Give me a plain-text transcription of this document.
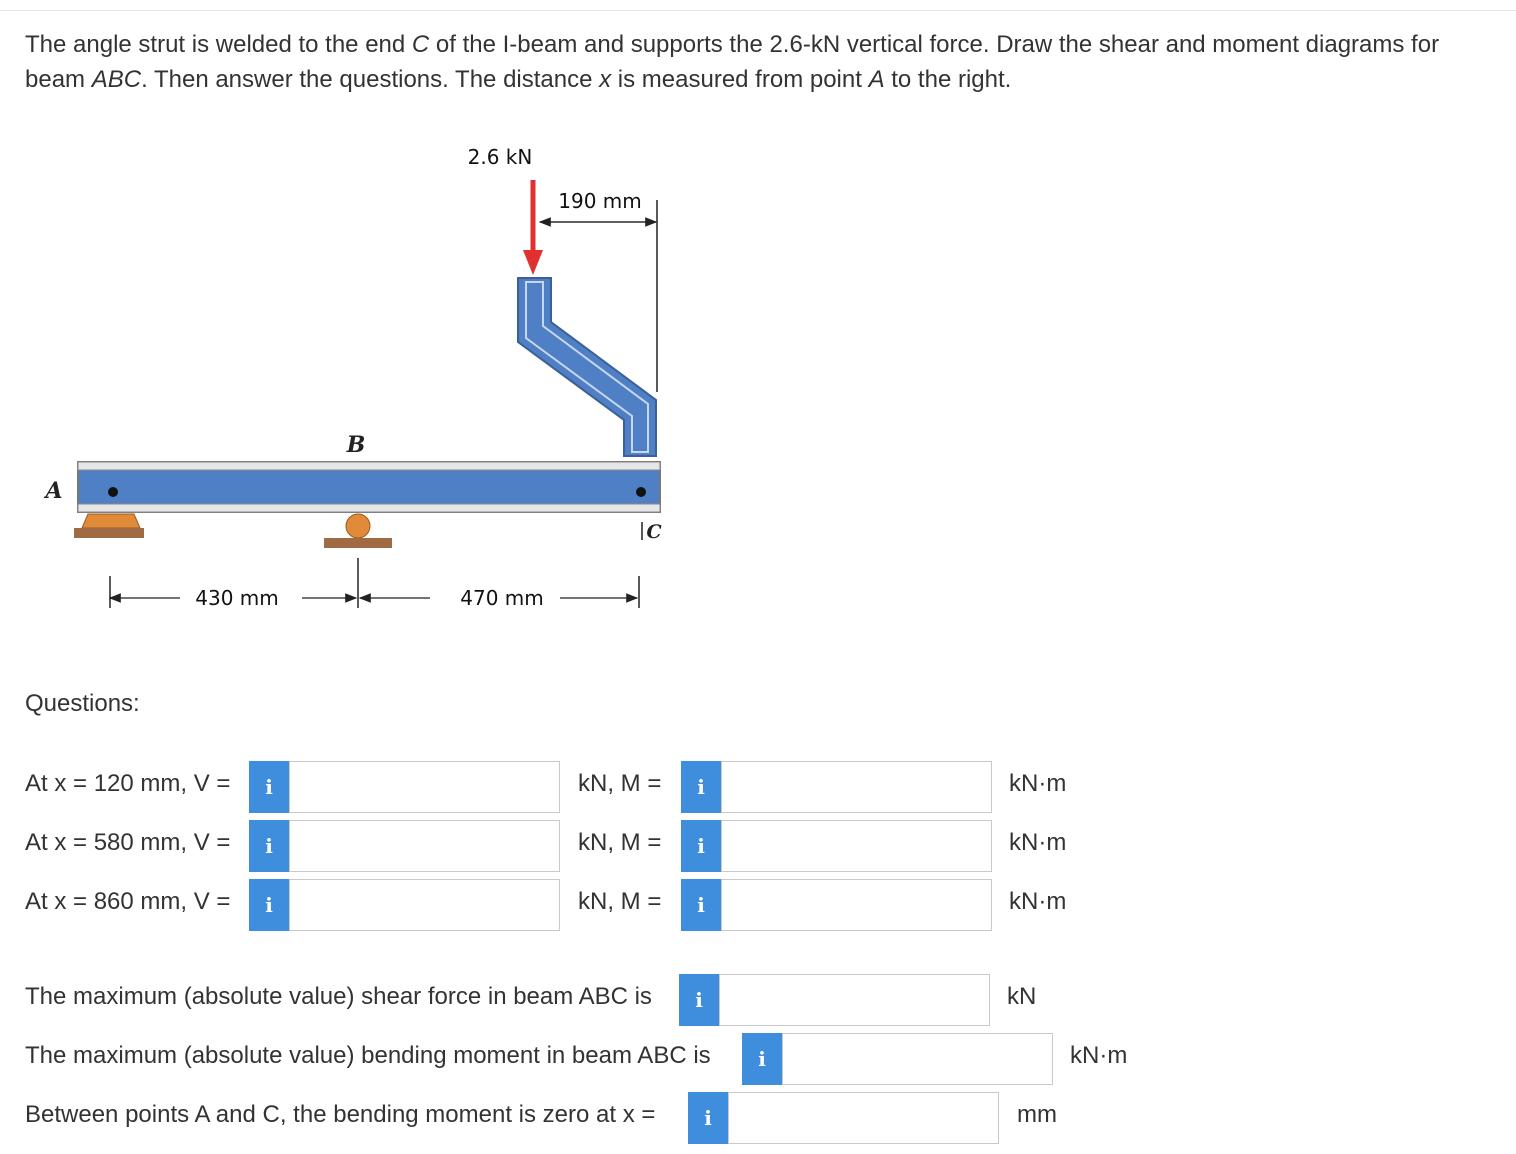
The angle strut is welded to the end C of the I-beam and supports the 2.6-kN vertical force. Draw the shear and moment diagrams for beam ABC. Then answer the questions. The distance x is measured from point A to the right.
2.6 kN
190 mm
A
B
C
430 mm	470 mm
Questions:
At x = 120 mm, V =	i	kN, M =	i	kN·m
At x = 580 mm, V =	i	kN, M =	i	kN·m
At x = 860 mm, V =	i	kN, M =	i	kN·m
The maximum (absolute value) shear force in beam ABC is	i	kN
The maximum (absolute value) bending moment in beam ABC is	i	kN·m
Between points A and C, the bending moment is zero at x =	i	mm
